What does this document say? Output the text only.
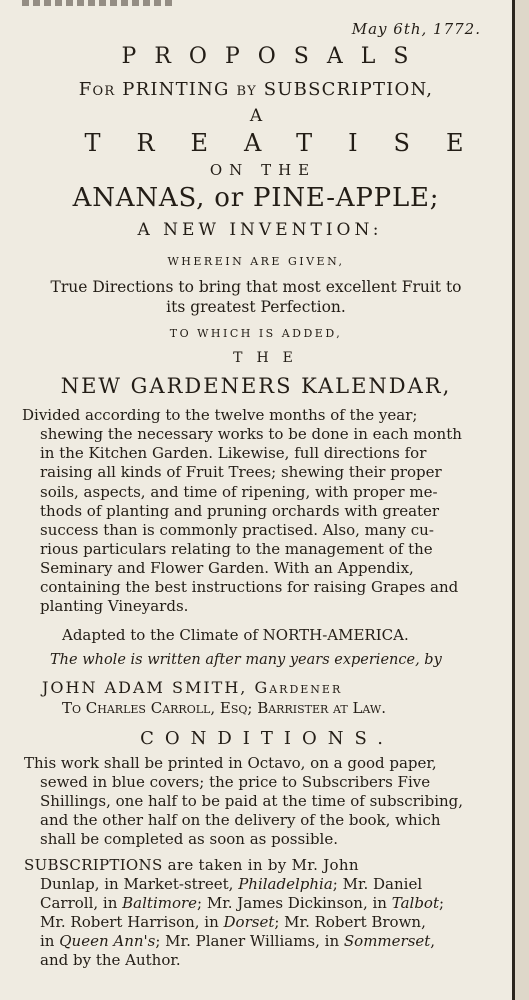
May 6th, 1772.
PROPOSALS
For PRINTING by SUBSCRIPTION,
A
TREATISE
ON THE
ANANAS, or PINE-APPLE;
A NEW INVENTION:
WHEREIN ARE GIVEN,
True Directions to bring that most excellent Fruit to
its greatest Perfection.
TO WHICH IS ADDED,
THE
NEW GARDENERS KALENDAR,
Divided according to the twelve months of the year;
shewing the necessary works to be done in each month
in the Kitchen Garden. Likewise, full directions for
raising all kinds of Fruit Trees; shewing their proper
soils, aspects, and time of ripening, with proper me-
thods of planting and pruning orchards with greater
success than is commonly practised. Also, many cu-
rious particulars relating to the management of the
Seminary and Flower Garden. With an Appendix,
containing the best instructions for raising Grapes and
planting Vineyards.
Adapted to the Climate of NORTH-AMERICA.
The whole is written after many years experience, by
JOHN ADAM SMITH, Gardener
To Charles Carroll, Esq; Barrister at Law.
CONDITIONS.
This work shall be printed in Octavo, on a good paper,
sewed in blue covers; the price to Subscribers Five
Shillings, one half to be paid at the time of subscribing,
and the other half on the delivery of the book, which
shall be completed as soon as possible.
SUBSCRIPTIONS are taken in by Mr. John
Dunlap, in Market-street, Philadelphia; Mr. Daniel
Carroll, in Baltimore; Mr. James Dickinson, in Talbot;
Mr. Robert Harrison, in Dorset; Mr. Robert Brown,
in Queen Ann's; Mr. Planer Williams, in Sommerset,
and by the Author.
